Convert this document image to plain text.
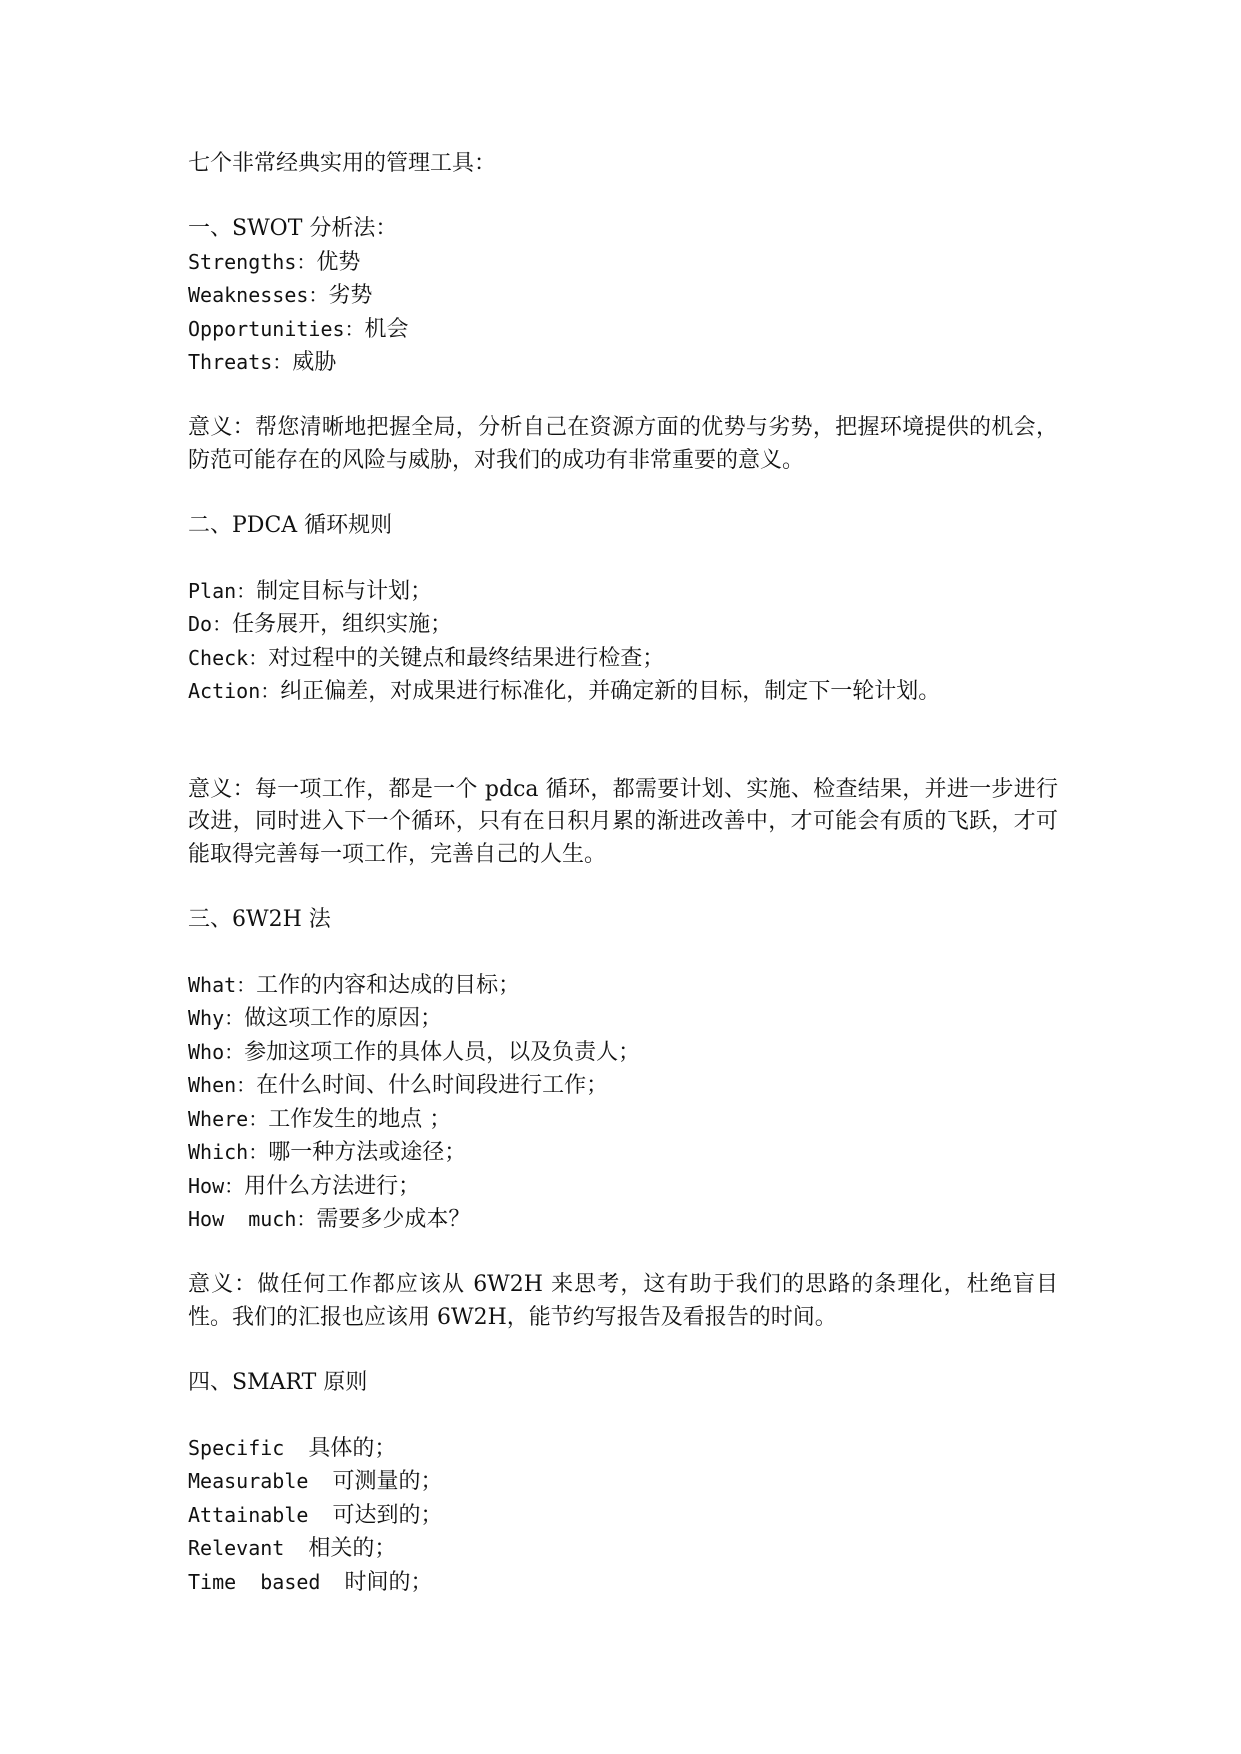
七个非常经典实用的管理工具：
一、SWOT 分析法：
Strengths：优势
Weaknesses：劣势
Opportunities：机会
Threats：威胁
意义：帮您清晰地把握全局，分析自己在资源方面的优势与劣势，把握环境提供的机会，防范可能存在的风险与威胁，对我们的成功有非常重要的意义。
二、PDCA 循环规则
Plan：制定目标与计划；
Do：任务展开，组织实施；
Check：对过程中的关键点和最终结果进行检查；
Action：纠正偏差，对成果进行标准化，并确定新的目标，制定下一轮计划。
意义：每一项工作，都是一个 pdca 循环，都需要计划、实施、检查结果，并进一步进行改进，同时进入下一个循环，只有在日积月累的渐进改善中，才可能会有质的飞跃，才可能取得完善每一项工作，完善自己的人生。
三、6W2H 法
What：工作的内容和达成的目标；
Why：做这项工作的原因；
Who：参加这项工作的具体人员，以及负责人；
When：在什么时间、什么时间段进行工作；
Where：工作发生的地点 ；
Which：哪一种方法或途径；
How：用什么方法进行；
How  much：需要多少成本？
意义：做任何工作都应该从 6W2H 来思考，这有助于我们的思路的条理化，杜绝盲目性。我们的汇报也应该用 6W2H，能节约写报告及看报告的时间。
四、SMART 原则
Specific  具体的；
Measurable  可测量的；
Attainable  可达到的；
Relevant  相关的；
Time  based  时间的；
